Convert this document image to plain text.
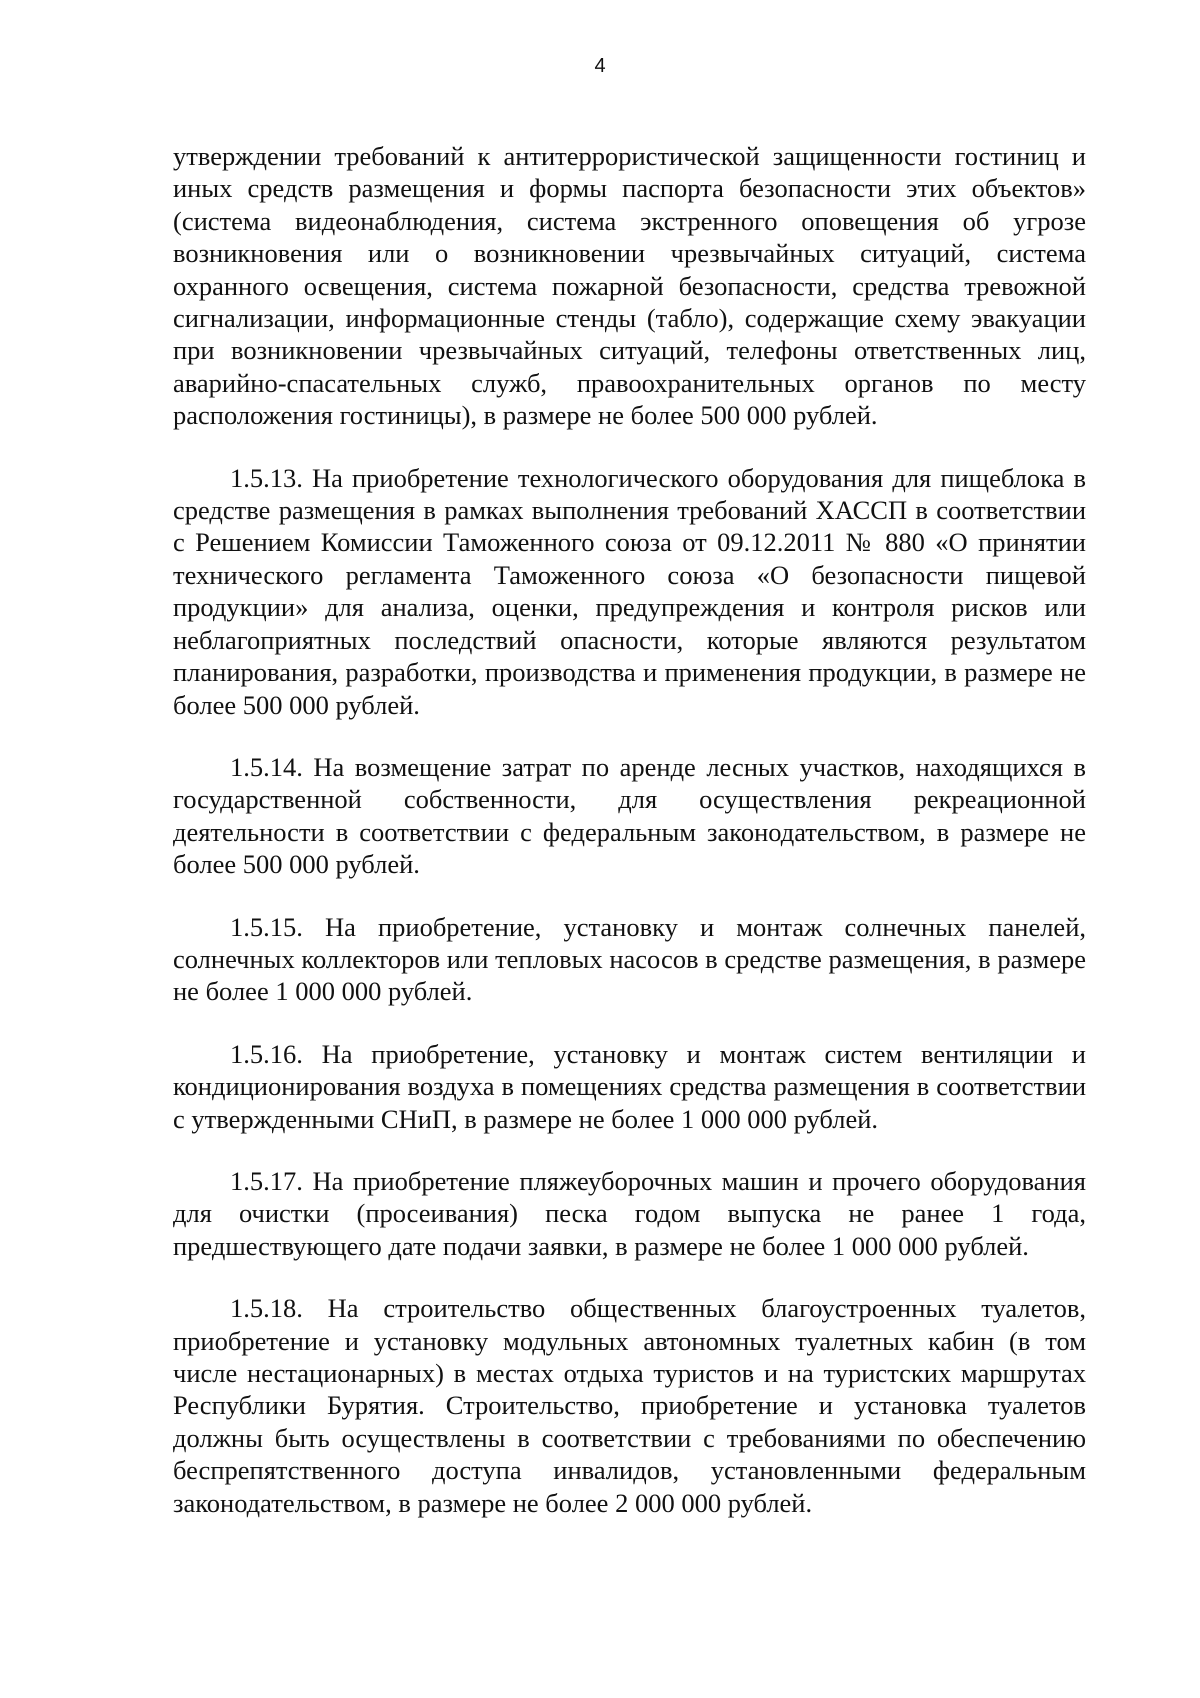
4

утверждении требований к антитеррористической защищенности гостиниц и иных средств размещения и формы паспорта безопасности этих объектов» (система видеонаблюдения, система экстренного оповещения об угрозе возникновения или о возникновении чрезвычайных ситуаций, система охранного освещения, система пожарной безопасности, средства тревожной сигнализации, информационные стенды (табло), содержащие схему эвакуации при возникновении чрезвычайных ситуаций, телефоны ответственных лиц, аварийно-спасательных служб, правоохранительных органов по месту расположения гостиницы), в размере не более 500 000 рублей.

1.5.13. На приобретение технологического оборудования для пищеблока в средстве размещения в рамках выполнения требований ХАССП в соответствии с Решением Комиссии Таможенного союза от 09.12.2011 № 880 «О принятии технического регламента Таможенного союза «О безопасности пищевой продукции» для анализа, оценки, предупреждения и контроля рисков или неблагоприятных последствий опасности, которые являются результатом планирования, разработки, производства и применения продукции, в размере не более 500 000 рублей.

1.5.14. На возмещение затрат по аренде лесных участков, находящихся в государственной собственности, для осуществления рекреационной деятельности в соответствии с федеральным законодательством, в размере не более 500 000 рублей.

1.5.15. На приобретение, установку и монтаж солнечных панелей, солнечных коллекторов или тепловых насосов в средстве размещения, в размере не более 1 000 000 рублей.

1.5.16. На приобретение, установку и монтаж систем вентиляции и кондиционирования воздуха в помещениях средства размещения в соответствии с утвержденными СНиП, в размере не более 1 000 000 рублей.

1.5.17. На приобретение пляжеуборочных машин и прочего оборудования для очистки (просеивания) песка годом выпуска не ранее 1 года, предшествующего дате подачи заявки, в размере не более 1 000 000 рублей.

1.5.18. На строительство общественных благоустроенных туалетов, приобретение и установку модульных автономных туалетных кабин (в том числе нестационарных) в местах отдыха туристов и на туристских маршрутах Республики Бурятия. Строительство, приобретение и установка туалетов должны быть осуществлены в соответствии с требованиями по обеспечению беспрепятственного доступа инвалидов, установленными федеральным законодательством, в размере не более 2 000 000 рублей.
